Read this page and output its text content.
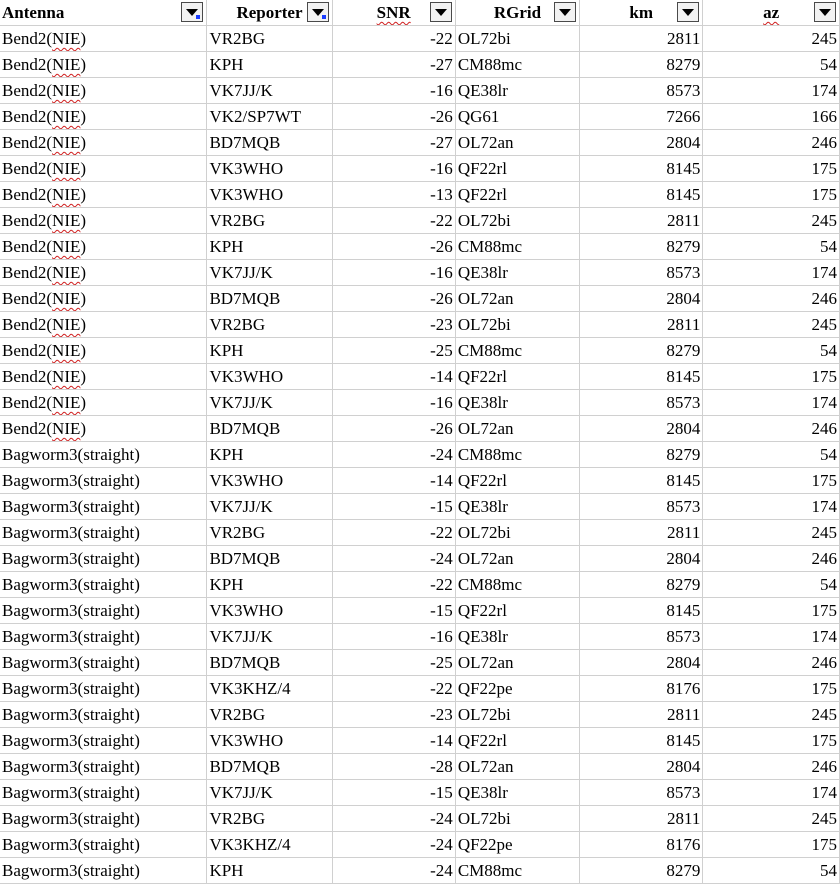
Antenna	Reporter	SNR	RGrid	km	az

Bend2(NIE)	VR2BG	-22	OL72bi	2811	245
Bend2(NIE)	KPH	-27	CM88mc	8279	54
Bend2(NIE)	VK7JJ/K	-16	QE38lr	8573	174
Bend2(NIE)	VK2/SP7WT	-26	QG61	7266	166
Bend2(NIE)	BD7MQB	-27	OL72an	2804	246
Bend2(NIE)	VK3WHO	-16	QF22rl	8145	175
Bend2(NIE)	VK3WHO	-13	QF22rl	8145	175
Bend2(NIE)	VR2BG	-22	OL72bi	2811	245
Bend2(NIE)	KPH	-26	CM88mc	8279	54
Bend2(NIE)	VK7JJ/K	-16	QE38lr	8573	174
Bend2(NIE)	BD7MQB	-26	OL72an	2804	246
Bend2(NIE)	VR2BG	-23	OL72bi	2811	245
Bend2(NIE)	KPH	-25	CM88mc	8279	54
Bend2(NIE)	VK3WHO	-14	QF22rl	8145	175
Bend2(NIE)	VK7JJ/K	-16	QE38lr	8573	174
Bend2(NIE)	BD7MQB	-26	OL72an	2804	246
Bagworm3(straight)	KPH	-24	CM88mc	8279	54
Bagworm3(straight)	VK3WHO	-14	QF22rl	8145	175
Bagworm3(straight)	VK7JJ/K	-15	QE38lr	8573	174
Bagworm3(straight)	VR2BG	-22	OL72bi	2811	245
Bagworm3(straight)	BD7MQB	-24	OL72an	2804	246
Bagworm3(straight)	KPH	-22	CM88mc	8279	54
Bagworm3(straight)	VK3WHO	-15	QF22rl	8145	175
Bagworm3(straight)	VK7JJ/K	-16	QE38lr	8573	174
Bagworm3(straight)	BD7MQB	-25	OL72an	2804	246
Bagworm3(straight)	VK3KHZ/4	-22	QF22pe	8176	175
Bagworm3(straight)	VR2BG	-23	OL72bi	2811	245
Bagworm3(straight)	VK3WHO	-14	QF22rl	8145	175
Bagworm3(straight)	BD7MQB	-28	OL72an	2804	246
Bagworm3(straight)	VK7JJ/K	-15	QE38lr	8573	174
Bagworm3(straight)	VR2BG	-24	OL72bi	2811	245
Bagworm3(straight)	VK3KHZ/4	-24	QF22pe	8176	175
Bagworm3(straight)	KPH	-24	CM88mc	8279	54
